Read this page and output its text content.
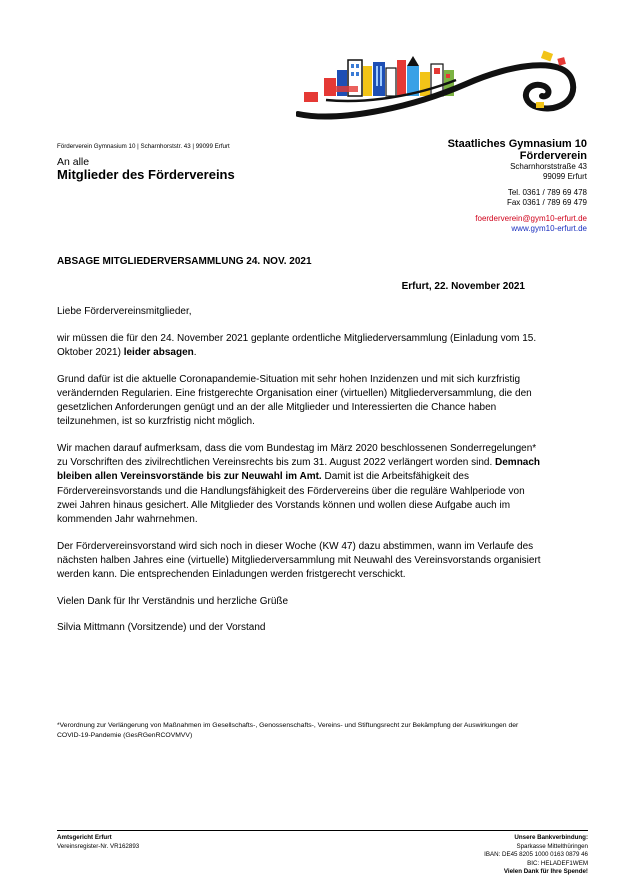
Förderverein Gymnasium 10 | Scharnhorststr. 43 | 99099 Erfurt
An alle
Mitglieder des Fördervereins
Staatliches Gymnasium 10
Förderverein
Scharnhorststraße 43
99099 Erfurt
Tel. 0361 / 789 69 478
Fax 0361 / 789 69 479
foerderverein@gym10-erfurt.de
www.gym10-erfurt.de
ABSAGE MITGLIEDERVERSAMMLUNG 24. NOV. 2021
Erfurt, 22. November 2021

Liebe Fördervereinsmitglieder,

wir müssen die für den 24. November 2021 geplante ordentliche Mitgliederversammlung (Einladung vom 15. Oktober 2021) leider absagen.

Grund dafür ist die aktuelle Coronapandemie-Situation mit sehr hohen Inzidenzen und mit sich kurzfristig verändernden Regularien. Eine fristgerechte Organisation einer (virtuellen) Mitgliederversammlung, die den gesetzlichen Anforderungen genügt und an der alle Mitglieder und Interessierten die Chance haben teilzunehmen, ist so kurzfristig nicht möglich.

Wir machen darauf aufmerksam, dass die vom Bundestag im März 2020 beschlossenen Sonderregelungen* zu Vorschriften des zivilrechtlichen Vereinsrechts bis zum 31. August 2022 verlängert worden sind. Demnach bleiben allen Vereinsvorstände bis zur Neuwahl im Amt. Damit ist die Arbeitsfähigkeit des Fördervereinsvorstands und die Handlungsfähigkeit des Fördervereins über die reguläre Wahlperiode von zwei Jahren hinaus gesichert. Alle Mitglieder des Vorstands können und wollen diese Aufgabe auch im kommenden Jahr wahrnehmen.

Der Fördervereinsvorstand wird sich noch in dieser Woche (KW 47) dazu abstimmen, wann im Verlaufe des nächsten halben Jahres eine (virtuelle) Mitgliederversammlung mit Neuwahl des Vereinsvorstands organisiert werden kann. Die entsprechenden Einladungen werden fristgerecht verschickt.

Vielen Dank für Ihr Verständnis und herzliche Grüße

Silvia Mittmann (Vorsitzende) und der Vorstand

*Verordnung zur Verlängerung von Maßnahmen im Gesellschafts-, Genossenschafts-, Vereins- und Stiftungsrecht zur Bekämpfung der Auswirkungen der COVID-19-Pandemie (GesRGenRCOVMVV)
Amtsgericht Erfurt
Vereinsregister-Nr. VR162893
Unsere Bankverbindung:
Sparkasse Mittelthüringen
IBAN: DE45 8205 1000 0163 0879 46
BIC: HELADEF1WEM
Vielen Dank für Ihre Spende!
